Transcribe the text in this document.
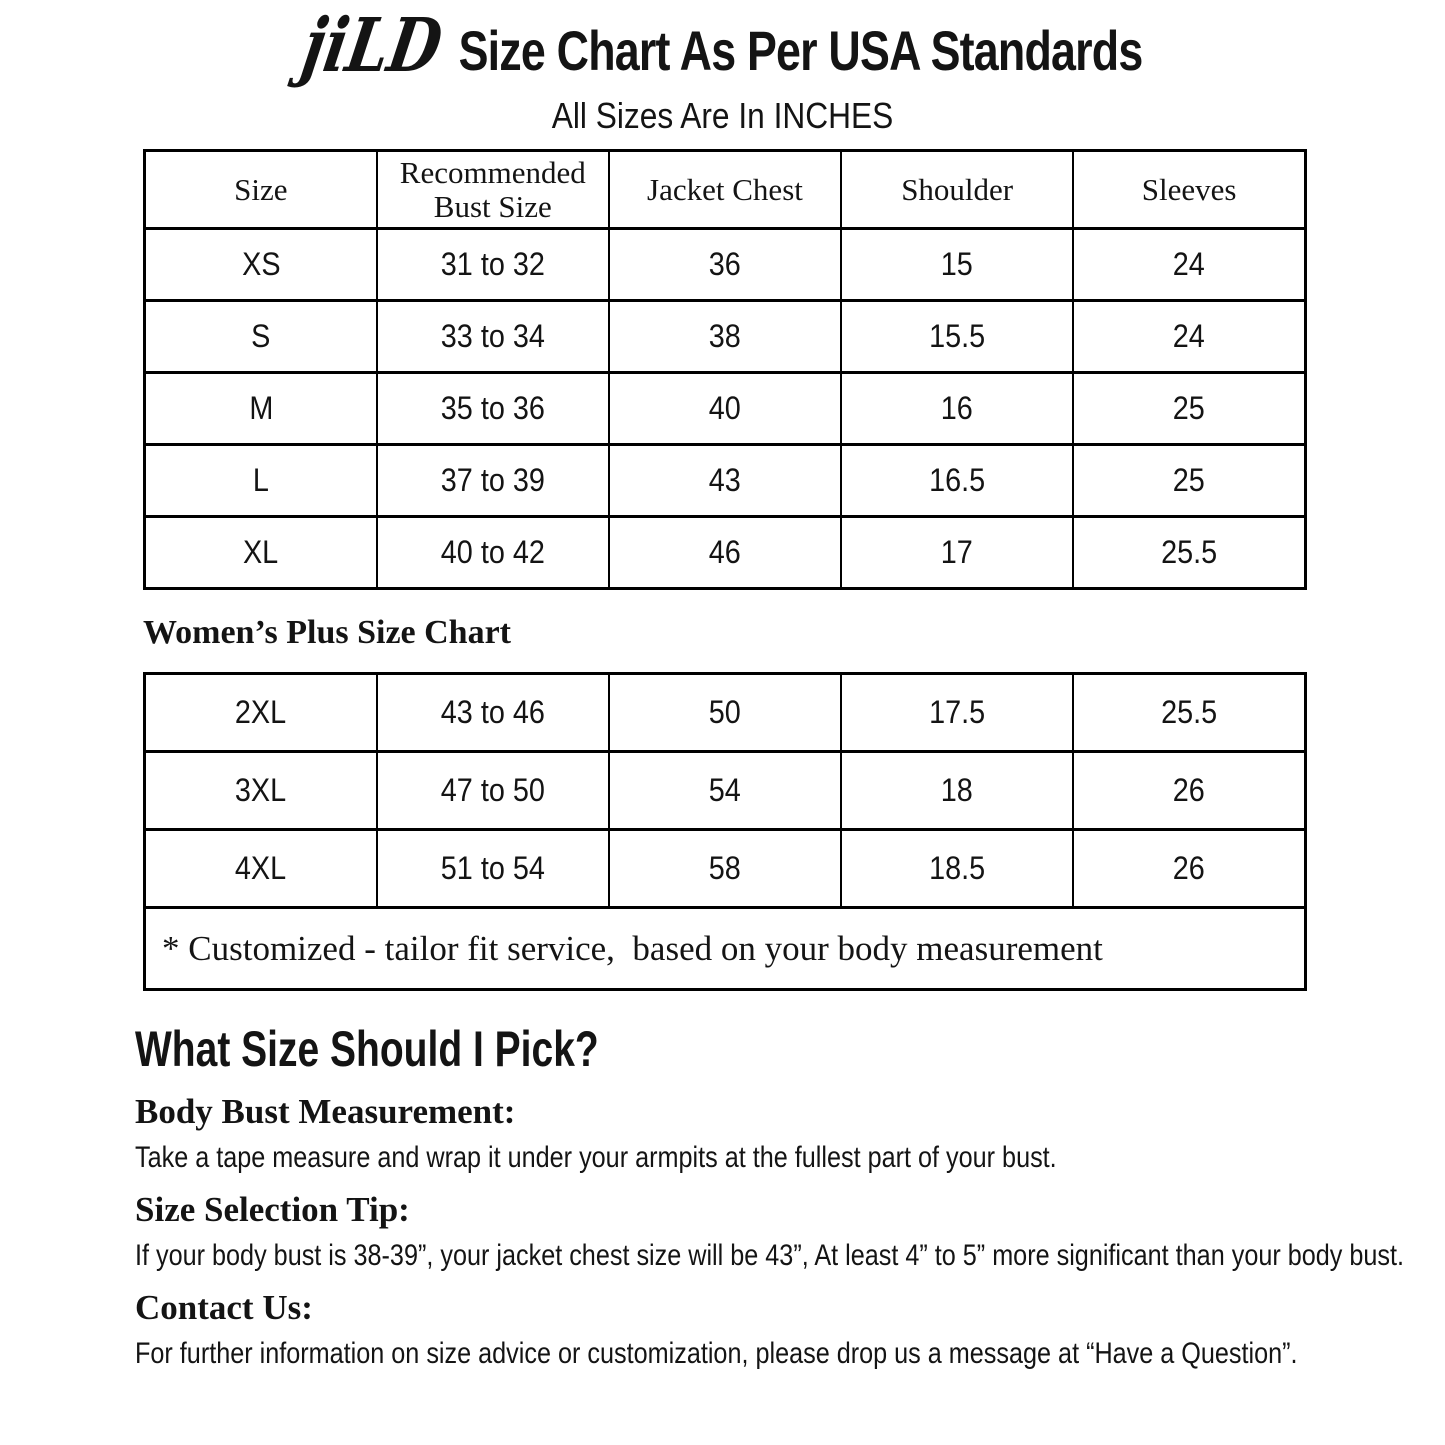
jiLD Size Chart As Per USA Standards
All Sizes Are In INCHES
Size	Recommended Bust Size	Jacket Chest	Shoulder	Sleeves
XS	31 to 32	36	15	24
S	33 to 34	38	15.5	24
M	35 to 36	40	16	25
L	37 to 39	43	16.5	25
XL	40 to 42	46	17	25.5
Women’s Plus Size Chart
2XL	43 to 46	50	17.5	25.5
3XL	47 to 50	54	18	26
4XL	51 to 54	58	18.5	26
* Customized - tailor fit service,  based on your body measurement				
What Size Should I Pick?
Body Bust Measurement:

Take a tape measure and wrap it under your armpits at the fullest part of your bust.

Size Selection Tip:

If your body bust is 38-39”, your jacket chest size will be 43”, At least 4” to 5” more significant than your body bust.

Contact Us:

For further information on size advice or customization, please drop us a message at “Have a Question”.
